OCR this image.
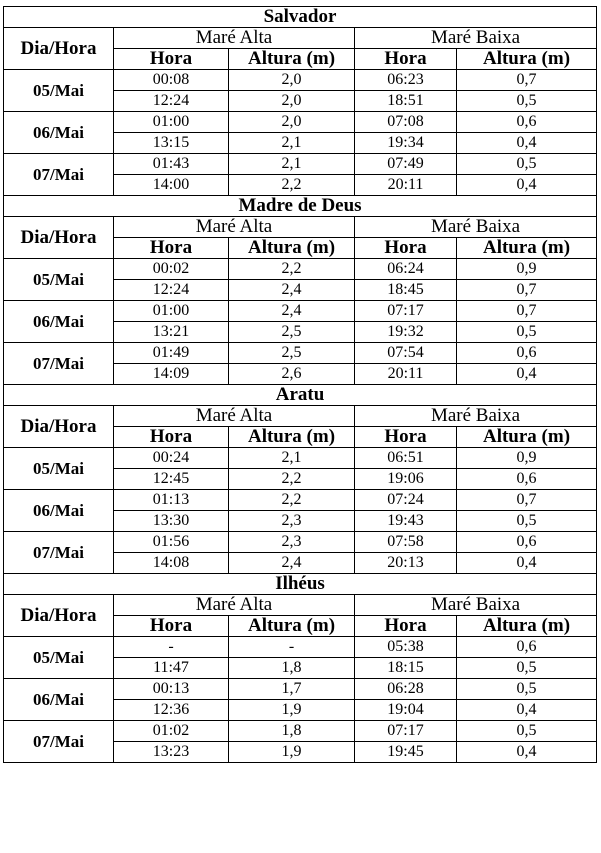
Salvador				
Dia/Hora	Maré Alta		Maré Baixa	
	Hora	Altura (m)	Hora	Altura (m)
05/Mai	00:08	2,0	06:23	0,7
	12:24	2,0	18:51	0,5
06/Mai	01:00	2,0	07:08	0,6
	13:15	2,1	19:34	0,4
07/Mai	01:43	2,1	07:49	0,5
	14:00	2,2	20:11	0,4
Madre de Deus				
Dia/Hora	Maré Alta		Maré Baixa	
	Hora	Altura (m)	Hora	Altura (m)
05/Mai	00:02	2,2	06:24	0,9
	12:24	2,4	18:45	0,7
06/Mai	01:00	2,4	07:17	0,7
	13:21	2,5	19:32	0,5
07/Mai	01:49	2,5	07:54	0,6
	14:09	2,6	20:11	0,4
Aratu				
Dia/Hora	Maré Alta		Maré Baixa	
	Hora	Altura (m)	Hora	Altura (m)
05/Mai	00:24	2,1	06:51	0,9
	12:45	2,2	19:06	0,6
06/Mai	01:13	2,2	07:24	0,7
	13:30	2,3	19:43	0,5
07/Mai	01:56	2,3	07:58	0,6
	14:08	2,4	20:13	0,4
Ilhéus				
Dia/Hora	Maré Alta		Maré Baixa	
	Hora	Altura (m)	Hora	Altura (m)
05/Mai	-	-	05:38	0,6
	11:47	1,8	18:15	0,5
06/Mai	00:13	1,7	06:28	0,5
	12:36	1,9	19:04	0,4
07/Mai	01:02	1,8	07:17	0,5
	13:23	1,9	19:45	0,4
